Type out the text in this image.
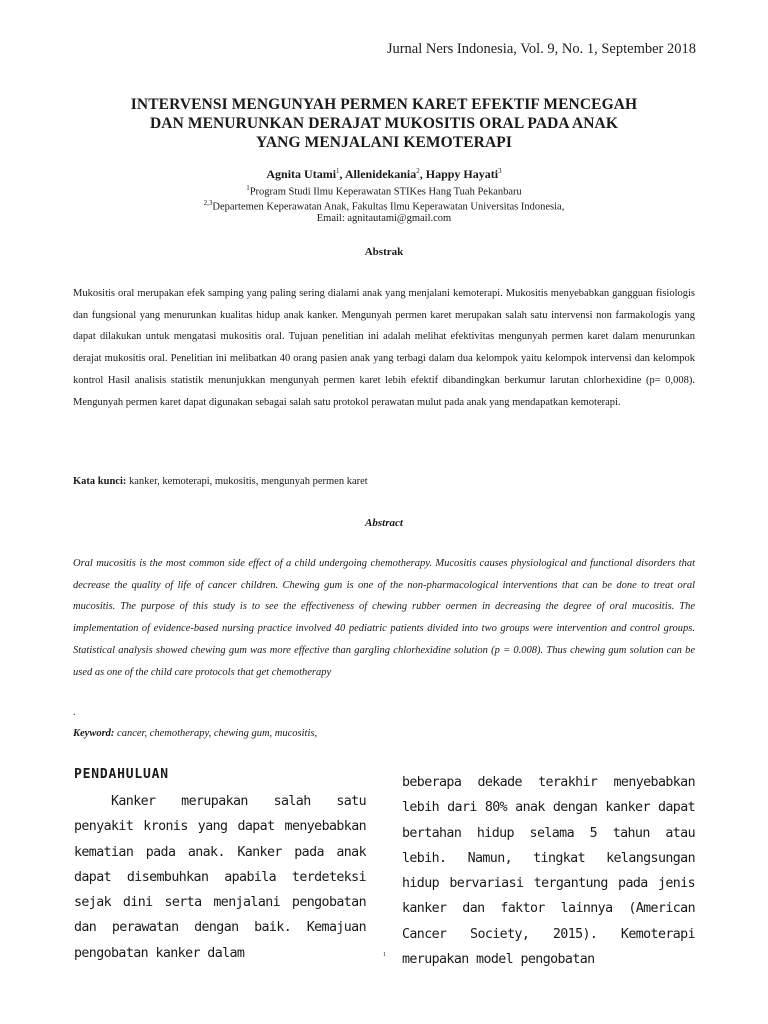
Jurnal Ners Indonesia, Vol. 9, No. 1, September 2018
INTERVENSI MENGUNYAH PERMEN KARET EFEKTIF MENCEGAH
DAN MENURUNKAN DERAJAT MUKOSITIS ORAL PADA ANAK
YANG MENJALANI KEMOTERAPI
Agnita Utami$^1$, Allenidekania$^2$, Happy Hayati$^3$
$^1$Program Studi Ilmu Keperawatan STIKes Hang Tuah Pekanbaru
$^{2,3}$Departemen Keperawatan Anak, Fakultas Ilmu Keperawatan Universitas Indonesia,
Email: agnitautami@gmail.com
Abstrak
Mukositis oral merupakan efek samping yang paling sering dialami anak yang menjalani kemoterapi. Mukositis menyebabkan gangguan fisiologis dan fungsional yang menurunkan kualitas hidup anak kanker. Mengunyah permen karet merupakan salah satu intervensi non farmakologis yang dapat dilakukan untuk mengatasi mukositis oral. Tujuan penelitian ini adalah melihat efektivitas mengunyah permen karet dalam menurunkan derajat mukositis oral. Penelitian ini melibatkan 40 orang pasien anak yang terbagi dalam dua kelompok yaitu kelompok intervensi dan kelompok kontrol Hasil analisis statistik menunjukkan mengunyah permen karet lebih efektif dibandingkan berkumur larutan chlorhexidine (p= 0,008). Mengunyah permen karet dapat digunakan sebagai salah satu protokol perawatan mulut pada anak yang mendapatkan kemoterapi.
Kata kunci: kanker, kemoterapi, mukositis, mengunyah permen karet
Abstract
Oral mucositis is the most common side effect of a child undergoing chemotherapy. Mucositis causes physiological and functional disorders that decrease the quality of life of cancer children. Chewing gum is one of the non-pharmacological interventions that can be done to treat oral mucositis. The purpose of this study is to see the effectiveness of chewing rubber oermen in decreasing the degree of oral mucositis. The implementation of evidence-based nursing practice involved 40 pediatric patients divided into two groups were intervention and control groups. Statistical analysis showed chewing gum was more effective than gargling chlorhexidine solution (p = 0.008). Thus chewing gum solution can be used as one of the child care protocols that get chemotherapy
.
Keyword: cancer, chemotherapy, chewing gum, mucositis,
PENDAHULUAN
Kanker merupakan salah satu penyakit kronis yang dapat menyebabkan kematian pada anak. Kanker pada anak dapat disembuhkan apabila terdeteksi sejak dini serta menjalani pengobatan dan perawatan dengan baik. Kemajuan pengobatan kanker dalam
beberapa dekade terakhir menyebabkan lebih dari 80% anak dengan kanker dapat bertahan hidup selama 5 tahun atau lebih. Namun, tingkat kelangsungan hidup bervariasi tergantung pada jenis kanker dan faktor lainnya (American Cancer Society, 2015). Kemoterapi merupakan model pengobatan
1
